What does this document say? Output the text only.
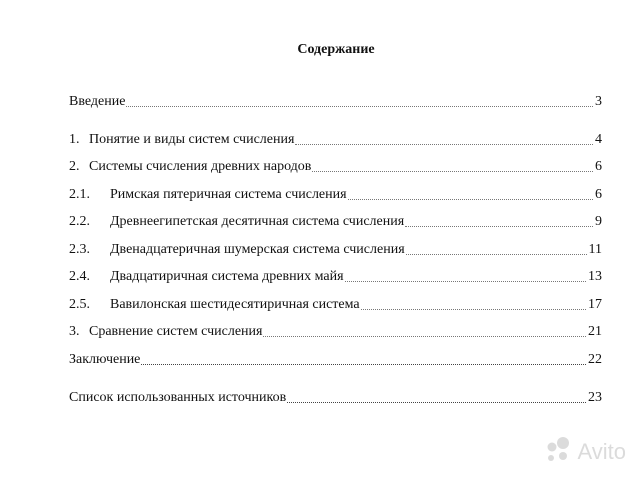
Содержание
Введение	3
1. Понятие и виды систем счисления	4
2. Системы счисления древних народов	6
2.1.	Римская пятеричная система счисления	6
2.2.	Древнеегипетская десятичная система счисления	9
2.3.	Двенадцатеричная шумерская система счисления	11
2.4.	Двадцатиричная система древних майя	13
2.5.	Вавилонская шестидесятиричная система	17
3. Сравнение систем счисления	21
Заключение	22
Список использованных источников	23
Avito
